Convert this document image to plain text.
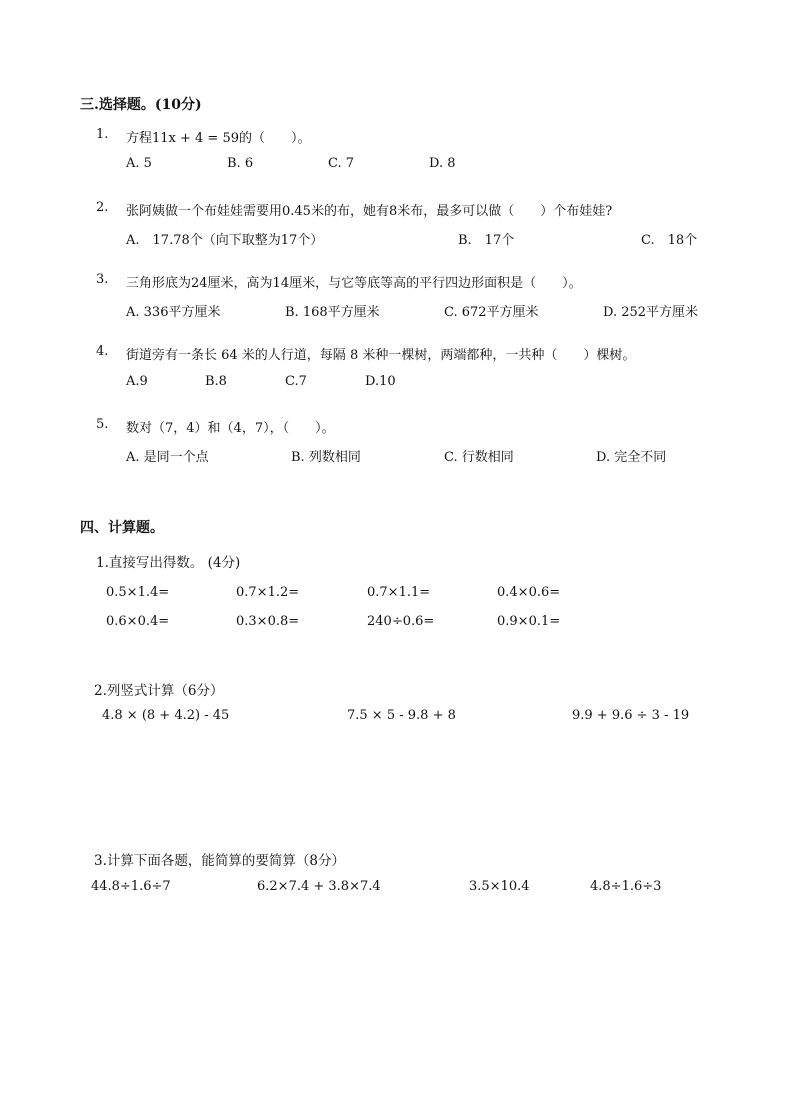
三.选择题。(10分)
1. 方程11x + 4 = 59的（　　）。
A. 5	B. 6	C. 7	D. 8
2. 张阿姨做一个布娃娃需要用0.45米的布，她有8米布，最多可以做（　　）个布娃娃?
A.　17.78个（向下取整为17个）	B.　17个	C.　18个
3. 三角形底为24厘米，高为14厘米，与它等底等高的平行四边形面积是（　　）。
A. 336平方厘米	B. 168平方厘米	C. 672平方厘米	D. 252平方厘米
4. 街道旁有一条长 64 米的人行道，每隔 8 米种一棵树，两端都种，一共种（　　）棵树。
A.9	B.8	C.7	D.10
5. 数对（7，4）和（4，7），（　　）。
A. 是同一个点	B. 列数相同	C. 行数相同	D. 完全不同
四、计算题。
1.直接写出得数。 (4分)
0.5×1.4=	0.7×1.2=	0.7×1.1=	0.4×0.6=
0.6×0.4=	0.3×0.8=	240÷0.6=	0.9×0.1=
2.列竖式计算（6分）
4.8 × (8 + 4.2) - 45	7.5 × 5 - 9.8 + 8	9.9 + 9.6 ÷ 3 - 19
3.计算下面各题，能简算的要简算（8分）
44.8÷1.6÷7	6.2×7.4 + 3.8×7.4	3.5×10.4	4.8÷1.6÷3
